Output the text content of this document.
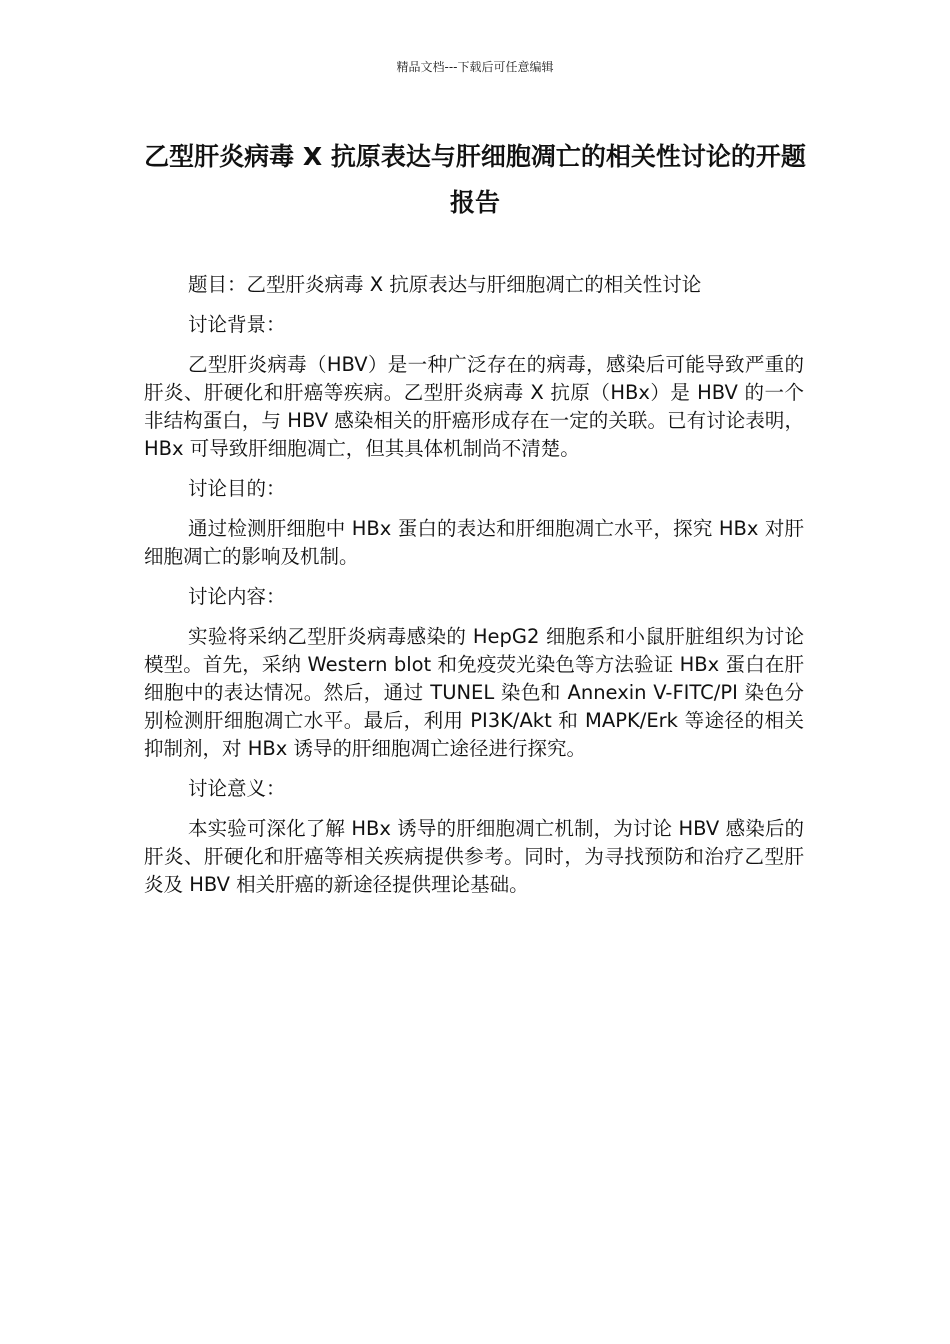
精品文档---下载后可任意编辑
乙型肝炎病毒 X 抗原表达与肝细胞凋亡的相关性讨论的开题报告

题目：乙型肝炎病毒 X 抗原表达与肝细胞凋亡的相关性讨论

讨论背景：

乙型肝炎病毒（HBV）是一种广泛存在的病毒，感染后可能导致严重的肝炎、肝硬化和肝癌等疾病。乙型肝炎病毒 X 抗原（HBx）是 HBV 的一个非结构蛋白，与 HBV 感染相关的肝癌形成存在一定的关联。已有讨论表明，HBx 可导致肝细胞凋亡，但其具体机制尚不清楚。

讨论目的：

通过检测肝细胞中 HBx 蛋白的表达和肝细胞凋亡水平，探究 HBx 对肝细胞凋亡的影响及机制。

讨论内容：

实验将采纳乙型肝炎病毒感染的 HepG2 细胞系和小鼠肝脏组织为讨论模型。首先，采纳 Western blot 和免疫荧光染色等方法验证 HBx 蛋白在肝细胞中的表达情况。然后，通过 TUNEL 染色和 Annexin V-FITC/PI 染色分别检测肝细胞凋亡水平。最后，利用 PI3K/Akt 和 MAPK/Erk 等途径的相关抑制剂，对 HBx 诱导的肝细胞凋亡途径进行探究。

讨论意义：

本实验可深化了解 HBx 诱导的肝细胞凋亡机制，为讨论 HBV 感染后的肝炎、肝硬化和肝癌等相关疾病提供参考。同时，为寻找预防和治疗乙型肝炎及 HBV 相关肝癌的新途径提供理论基础。
